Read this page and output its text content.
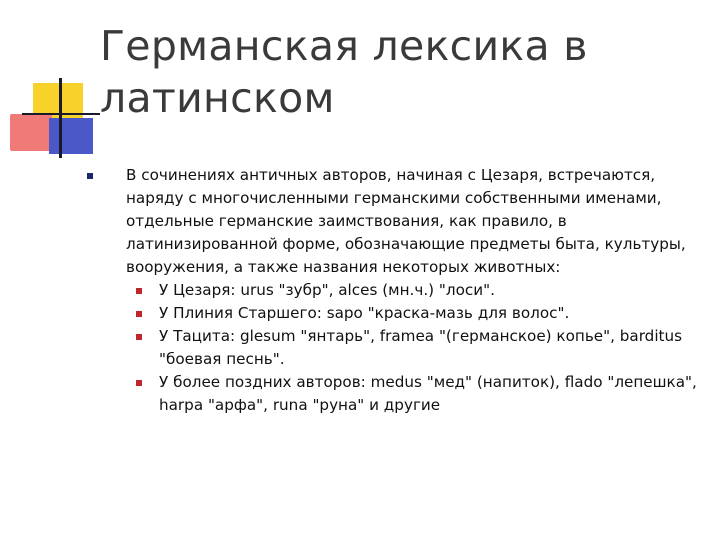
Германская лексика в латинском
В сочинениях античных авторов, начиная с Цезаря, встречаются, наряду с многочисленными германскими собственными именами, отдельные германские заимствования, как правило, в латинизированной форме, обозначающие предметы быта, культуры, вооружения, а также названия некоторых животных:
У Цезаря: urus "зубр", alces (мн.ч.) "лоси".
У Плиния Старшего: sapo "краска-мазь для волос".
У Тацита: glesum "янтарь", framea "(германское) копье", barditus "боевая песнь".
У более поздних авторов: medus "мед" (напиток), flado "лепешка", harpa "арфа", runa "руна" и другие
